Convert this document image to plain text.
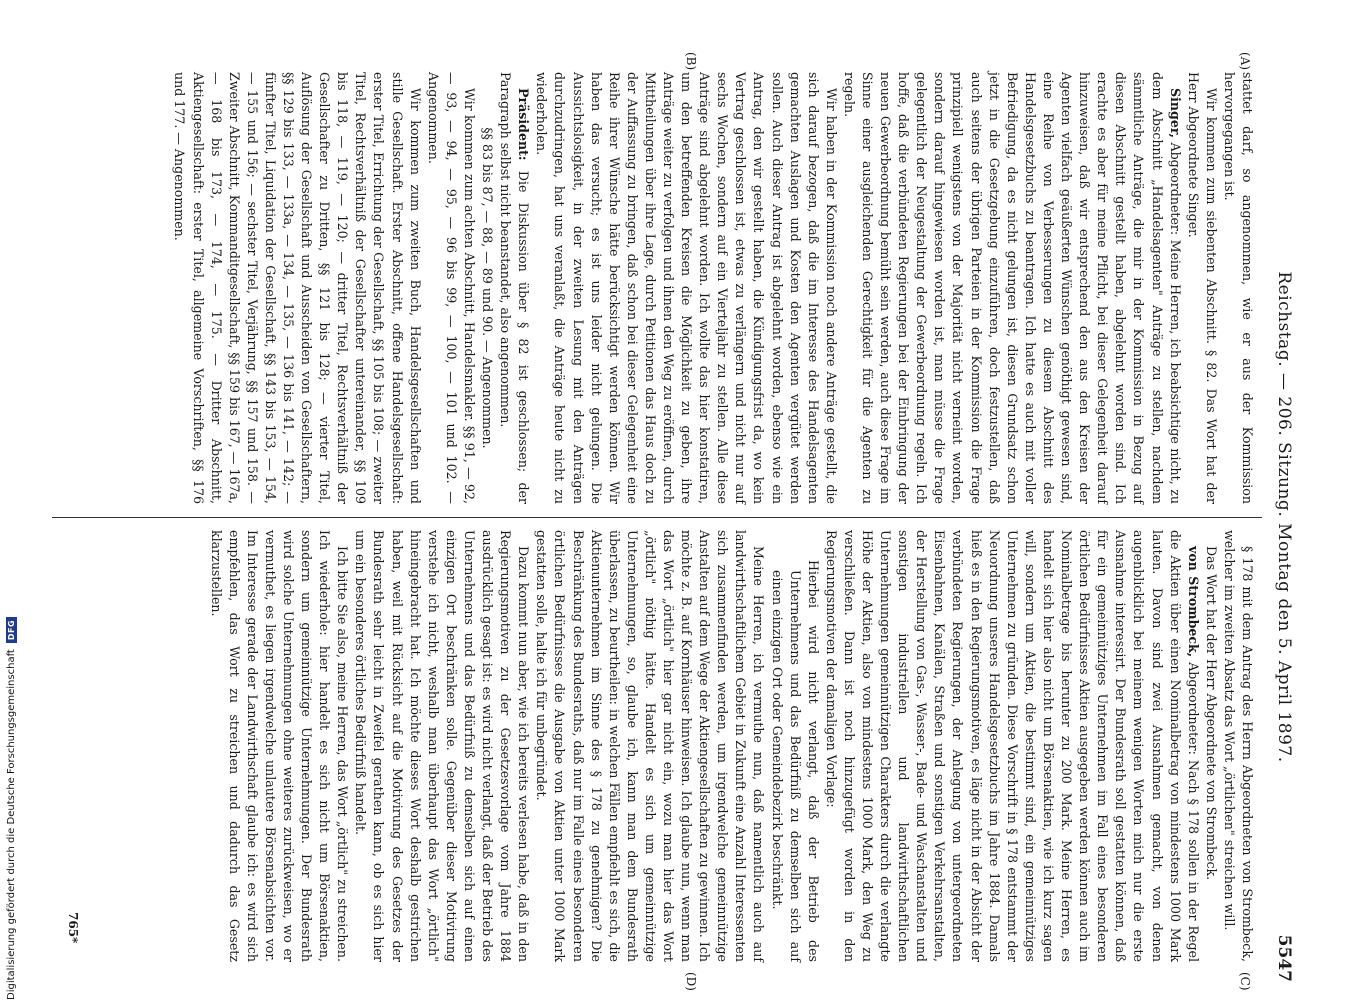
Reichstag. — 206. Sitzung. Montag den 5. April 1897.
5547
(A)
(B)
(C)
(D)

stattet darf, so angenommen, wie er aus der Kommission hervorgegangen ist.

Wir kommen zum siebenten Abschnitt. § 82. Das Wort hat der Herr Abgeordnete Singer.

Singer, Abgeordneter: Meine Herren, ich beabsichtige nicht, zu dem Abschnitt „Handelsagenten" Anträge zu stellen, nachdem sämmtliche Anträge, die mir in der Kommission in Bezug auf diesen Abschnitt gestellt haben, abgelehnt worden sind. Ich erachte es aber für meine Pflicht, bei dieser Gelegenheit darauf hinzuweisen, daß wir entsprechend den aus den Kreisen der Agenten vielfach geäußerten Wünschen genöthigt gewesen sind, eine Reihe von Verbesserungen zu diesem Abschnitt des Handelsgesetzbuchs zu beantragen. Ich hatte es auch mit voller Befriedigung, da es nicht gelungen ist, diesen Grundsatz schon jetzt in die Gesetzgebung einzuführen, doch festzustellen, daß auch seitens der übrigen Parteien in der Kommission die Frage prinzipiell wenigstens von der Majorität nicht verneint worden, sondern darauf hingewiesen worden ist, man müsse die Frage gelegentlich der Neugestaltung der Gewerbeordnung regeln. Ich hoffe, daß die verbündeten Regierungen bei der Einbringung der neuen Gewerbeordnung bemüht sein werden, auch diese Frage im Sinne einer ausgleichenden Gerechtigkeit für die Agenten zu regeln.

Wir haben in der Kommission noch andere Anträge gestellt, die sich darauf bezogen, daß die im Interesse des Handelsagenten gemachten Auslagen und Kosten den Agenten vergütet werden sollen. Auch dieser Antrag ist abgelehnt worden, ebenso wie ein Antrag, den wir gestellt haben, die Kündigungsfrist da, wo kein Vertrag geschlossen ist, etwas zu verlängern und nicht nur auf sechs Wochen, sondern auf ein Vierteljahr zu stellen. Alle diese Anträge sind abgelehnt worden. Ich wollte das hier konstatiren, um den betreffenden Kreisen die Möglichkeit zu geben, ihre Anträge weiter zu verfolgen und ihnen den Weg zu eröffnen, durch Mittheilungen über ihre Lage, durch Petitionen das Haus doch zu der Auffassung zu bringen, daß schon bei dieser Gelegenheit eine Reihe ihrer Wünsche hätte berücksichtigt werden können. Wir haben das versucht; es ist uns leider nicht gelungen. Die Aussichtslosigkeit, in der zweiten Lesung mit den Anträgen durchzudringen, hat uns veranlaßt, die Anträge heute nicht zu wiederholen.

Präsident: Die Diskussion über § 82 ist geschlossen; der Paragraph selbst nicht beanstandet, also angenommen.

§§ 83 bis 87, — 88, — 89 und 90. — Angenommen.

Wir kommen zum achten Abschnitt, Handelsmakler. §§ 91, — 92, — 93, — 94, — 95, — 96 bis 99, — 100, — 101 und 102. — Angenommen.

Wir kommen zum zweiten Buch, Handelsgesellschaften und stille Gesellschaft. Erster Abschnitt, offene Handelsgesellschaft: erster Titel, Errichtung der Gesellschaft, §§ 105 bis 108; — zweiter Titel, Rechtsverhältniß der Gesellschafter untereinander, §§ 109 bis 118, — 119, — 120; — dritter Titel, Rechtsverhältniß der Gesellschafter zu Dritten, §§ 121 bis 128; — vierter Titel, Auflösung der Gesellschaft und Ausscheiden von Gesellschaftern, §§ 129 bis 133, — 133a, — 134, — 135, — 136 bis 141, — 142; — fünfter Titel, Liquidation der Gesellschaft, §§ 143 bis 153, — 154, — 155 und 156; — sechster Titel, Verjährung, §§ 157 und 158. — Zweiter Abschnitt, Kommanditgesellschaft, §§ 159 bis 167, — 167a, — 168 bis 173, — 174, — 175. — Dritter Abschnitt, Aktiengesellschaft: erster Titel, allgemeine Vorschriften, §§ 176 und 177. — Angenommen.

§ 178 mit dem Antrag des Herrn Abgeordneten von Strombeck, welcher im zweiten Absatz das Wort „örtlichen" streichen will.

Das Wort hat der Herr Abgeordnete von Strombeck.

von Strombeck, Abgeordneter: Nach § 178 sollen in der Regel die Aktien über einen Nominalbetrag von mindestens 1000 Mark lauten. Davon sind zwei Ausnahmen gemacht, von denen augenblicklich bei meinem wenigen Worten mich nur die erste Ausnahme interessirt. Der Bundesrath soll gestatten können, daß für ein gemeinnütziges Unternehmen im Fall eines besonderen örtlichen Bedürfnisses Aktien ausgegeben werden können auch im Nominalbetrage bis herunter zu 200 Mark. Meine Herren, es handelt sich hier also nicht um Börsenaktien, wie ich kurz sagen will, sondern um Aktien, die bestimmt sind, ein gemeinnütziges Unternehmen zu gründen. Diese Vorschrift in § 178 entstammt der Neuordnung unseres Handelsgesetzbuchs im Jahre 1884. Damals hieß es in den Regierungsmotiven, es läge nicht in der Absicht der verbündeten Regierungen, der Anlegung von untergeordneten Eisenbahnen, Kanälen, Straßen und sonstigen Verkehrsanstalten, der Herstellung von Gas-, Wasser-, Bade- und Waschanstalten und sonstigen industriellen und landwirthschaftlichen Unternehmungen gemeinnützigen Charakters durch die verlangte Höhe der Aktien, also von mindestens 1000 Mark, den Weg zu verschließen. Dann ist noch hinzugefügt worden in den Regierungsmotiven der damaligen Vorlage:

Hierbei wird nicht verlangt, daß der Betrieb des Unternehmens und das Bedürfniß zu demselben sich auf einen einzigen Ort oder Gemeindebezirk beschränkt.

Meine Herren, ich vermuthe nun, daß namentlich auch auf landwirthschaftlichem Gebiet in Zukunft eine Anzahl Interessenten sich zusammenfinden werden, um irgendwelche gemeinnützige Anstalten auf dem Wege der Aktiengesellschaften zu gewinnen. Ich möchte z. B. auf Kornhäuser hinweisen. Ich glaube nun, wenn man das Wort „örtlich" hier gar nicht ein, wozu man hier das Wort „örtlich" nöthig hätte. Handelt es sich um gemeinnützige Unternehmungen, so, glaube ich, kann man dem Bundesrath überlassen, zu beurtheilen: in welchen Fällen empfiehlt es sich, die Aktienunternehmen im Sinne des § 178 zu genehmigen? Die Beschränkung des Bundesraths, daß nur im Falle eines besonderen örtlichen Bedürfnisses die Ausgabe von Aktien unter 1000 Mark gestatten solle, halte ich für unbegründet.

Dazu kommt nun aber, wie ich bereits verlesen habe, daß in den Regierungsmotiven zu der Gesetzesvorlage vom Jahre 1884 ausdrücklich gesagt ist: es wird nicht verlangt, daß der Betrieb des Unternehmens und das Bedürfniß zu demselben sich auf einen einzigen Ort beschränken solle. Gegenüber dieser Motivirung verstehe ich nicht, weshalb man überhaupt das Wort „örtlich" hineingebracht hat. Ich möchte dieses Wort deshalb gestrichen haben, weil mit Rücksicht auf die Motivirung des Gesetzes der Bundesrath sehr leicht in Zweifel gerathen kann, ob es sich hier um ein besonderes örtliches Bedürfniß handelt.

Ich bitte Sie also, meine Herren, das Wort „örtlich" zu streichen. Ich wiederhole: hier handelt es sich nicht um Börsenaktien, sondern um gemeinnützige Unternehmungen. Der Bundesrath wird solche Unternehmungen ohne weiteres zurückweisen, wo er vermuthet, es liegen irgendwelche unlautere Börsenabsichten vor. Im Interesse gerade der Landwirthschaft glaube ich: es wird sich empfehlen, das Wort zu streichen und dadurch das Gesetz klarzustellen.

765*
Digitalisierung gefördert durch die Deutsche Forschungsgemeinschaft
DFG
